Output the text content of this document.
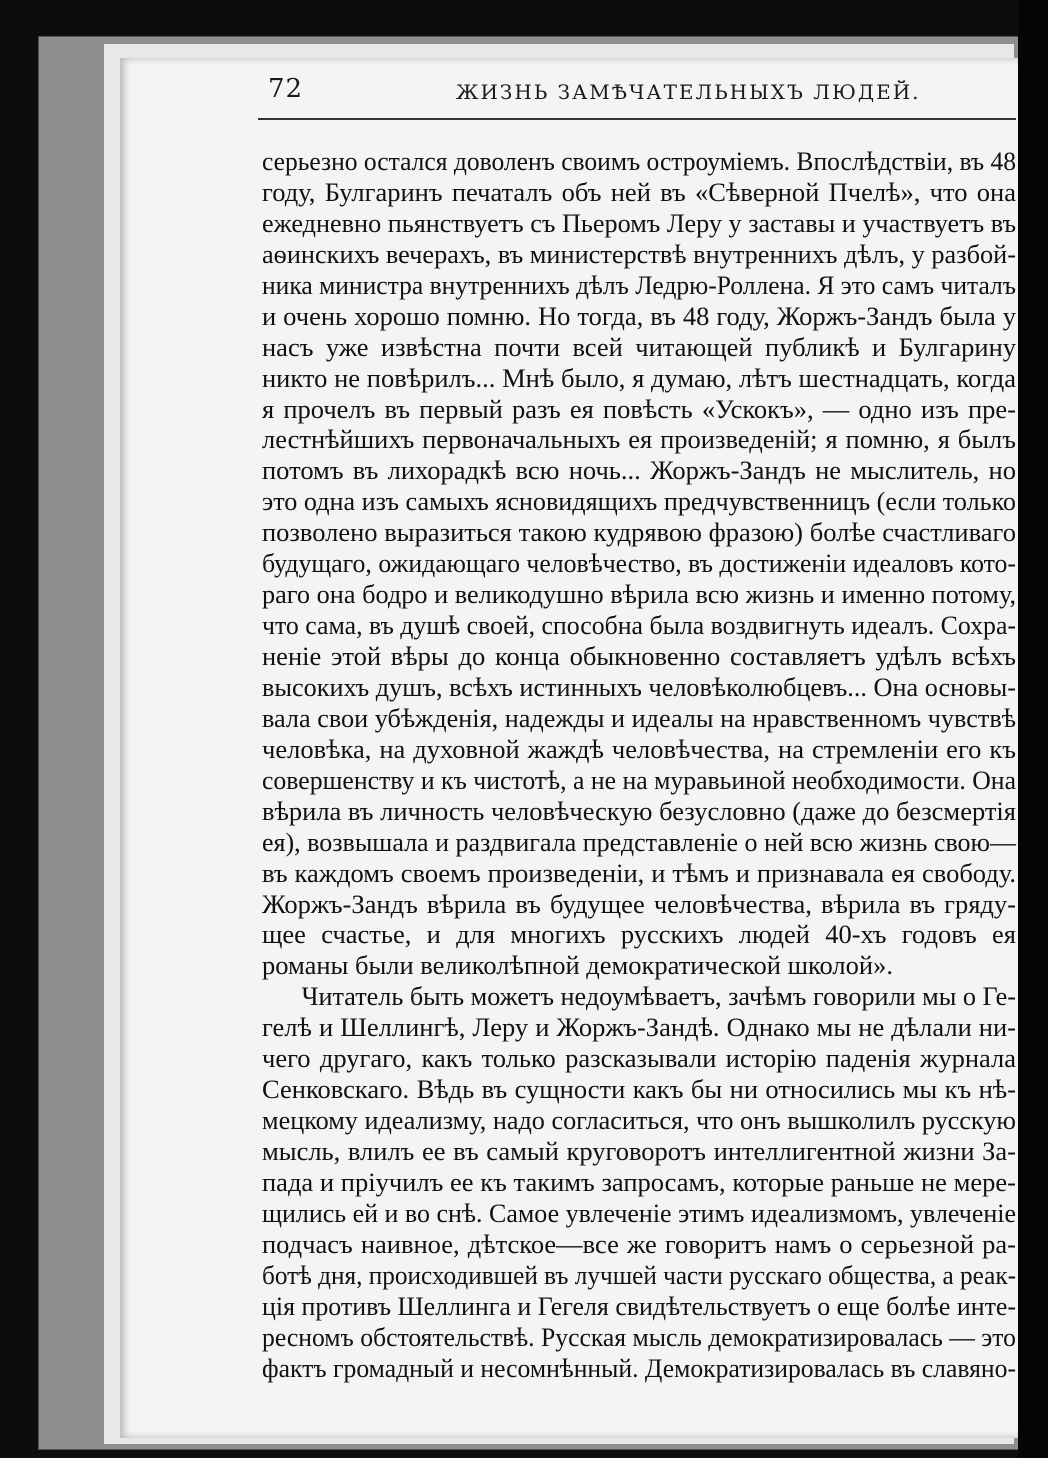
72	ЖИЗНЬ ЗАМѢЧАТЕЛЬНЫХЪ ЛЮДЕЙ.
серьезно остался доволенъ своимъ остроуміемъ. Впослѣдствіи, въ 48
году, Булгаринъ печаталъ объ ней въ «Сѣверной Пчелѣ», что она
ежедневно пьянствуетъ съ Пьеромъ Леру у заставы и участвуетъ въ
аѳинскихъ вечерахъ, въ министерствѣ внутреннихъ дѣлъ, у разбой-
ника министра внутреннихъ дѣлъ Ледрю-Роллена. Я это самъ читалъ
и очень хорошо помню. Но тогда, въ 48 году, Жоржъ-Зандъ была у
насъ уже извѣстна почти всей читающей публикѣ и Булгарину
никто не повѣрилъ... Мнѣ было, я думаю, лѣтъ шестнадцать, когда
я прочелъ въ первый разъ ея повѣсть «Ускокъ», — одно изъ пре-
лестнѣйшихъ первоначальныхъ ея произведеній; я помню, я былъ
потомъ въ лихорадкѣ всю ночь... Жоржъ-Зандъ не мыслитель, но
это одна изъ самыхъ ясновидящихъ предчувственницъ (если только
позволено выразиться такою кудрявою фразою) болѣе счастливаго
будущаго, ожидающаго человѣчество, въ достиженіи идеаловъ кото-
раго она бодро и великодушно вѣрила всю жизнь и именно потому,
что сама, въ душѣ своей, способна была воздвигнуть идеалъ. Сохра-
неніе этой вѣры до конца обыкновенно составляетъ удѣлъ всѣхъ
высокихъ душъ, всѣхъ истинныхъ человѣколюбцевъ... Она основы-
вала свои убѣжденія, надежды и идеалы на нравственномъ чувствѣ
человѣка, на духовной жаждѣ человѣчества, на стремленіи его къ
совершенству и къ чистотѣ, а не на муравьиной необходимости. Она
вѣрила въ личность человѣческую безусловно (даже до безсмертія
ея), возвышала и раздвигала представленіе о ней всю жизнь свою—
въ каждомъ своемъ произведеніи, и тѣмъ и признавала ея свободу.
Жоржъ-Зандъ вѣрила въ будущее человѣчества, вѣрила въ гряду-
щее счастье, и для многихъ русскихъ людей 40-хъ годовъ ея
романы были великолѣпной демократической школой».
Читатель быть можетъ недоумѣваетъ, зачѣмъ говорили мы о Ге-
гелѣ и Шеллингѣ, Леру и Жоржъ-Зандѣ. Однако мы не дѣлали ни-
чего другаго, какъ только разсказывали исторію паденія журнала
Сенковскаго. Вѣдь въ сущности какъ бы ни относились мы къ нѣ-
мецкому идеализму, надо согласиться, что онъ вышколилъ русскую
мысль, влилъ ее въ самый круговоротъ интеллигентной жизни За-
пада и пріучилъ ее къ такимъ запросамъ, которые раньше не мере-
щились ей и во снѣ. Самое увлеченіе этимъ идеализмомъ, увлеченіе
подчасъ наивное, дѣтское—все же говоритъ намъ о серьезной ра-
ботѣ дня, происходившей въ лучшей части русскаго общества, а реак-
ція противъ Шеллинга и Гегеля свидѣтельствуетъ о еще болѣе инте-
ресномъ обстоятельствѣ. Русская мысль демократизировалась — это
фактъ громадный и несомнѣнный. Демократизировалась въ славяно-
